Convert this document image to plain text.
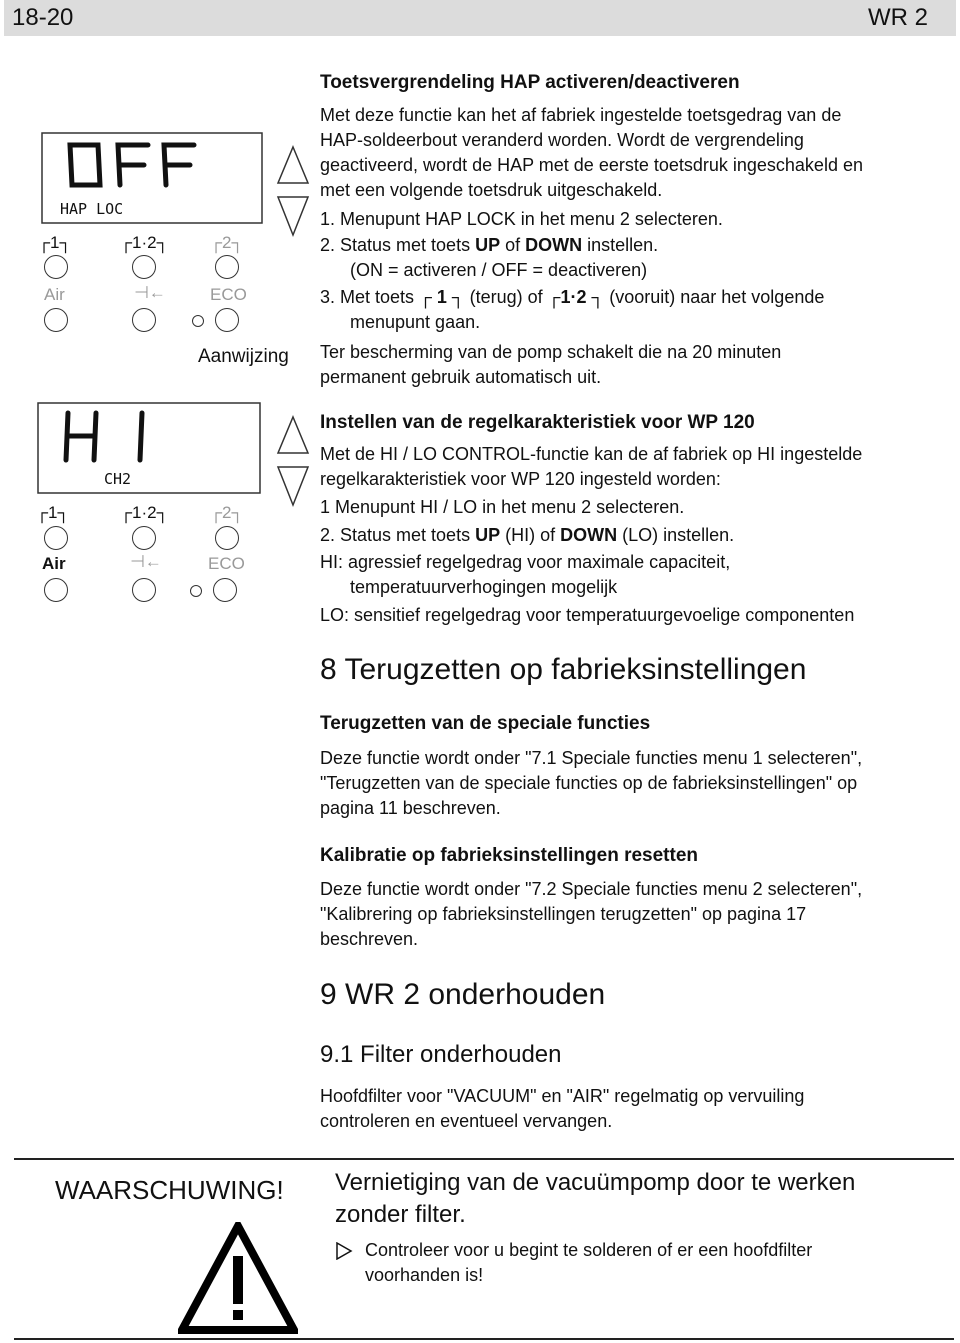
18-20	WR 2
HAP LOC
┌1┐	┌1·2┐ ┌2┐
Air	⊣←	ECO
Aanwijzing
Toetsvergrendeling HAP activeren/deactiveren
Met deze functie kan het af fabriek ingestelde toetsgedrag van de
HAP-soldeerbout veranderd worden. Wordt de vergrendeling
geactiveerd, wordt de HAP met de eerste toetsdruk ingeschakeld en
met een volgende toetsdruk uitgeschakeld.
1. Menupunt HAP LOCK in het menu 2 selecteren.
2. Status met toets UP of DOWN instellen.
(ON = activeren / OFF = deactiveren)
3. Met toets ┌ 1 ┐ (terug) of ┌1·2 ┐ (vooruit) naar het volgende
menupunt gaan.
Ter bescherming van de pomp schakelt die na 20 minuten
permanent gebruik automatisch uit.
CH2
┌1┐	┌1·2┐ ┌2┐
Air	⊣←	ECO
Instellen van de regelkarakteristiek voor WP 120
Met de HI / LO CONTROL-functie kan de af fabriek op HI ingestelde
regelkarakteristiek voor WP 120 ingesteld worden:
1 Menupunt HI / LO in het menu 2 selecteren.
2. Status met toets UP (HI) of DOWN (LO) instellen.
HI: agressief regelgedrag voor maximale capaciteit,
temperatuurverhogingen mogelijk
LO: sensitief regelgedrag voor temperatuurgevoelige componenten
8 Terugzetten op fabrieksinstellingen
Terugzetten van de speciale functies
Deze functie wordt onder "7.1 Speciale functies menu 1 selecteren",
"Terugzetten van de speciale functies op de fabrieksinstellingen" op
pagina 11 beschreven.
Kalibratie op fabrieksinstellingen resetten
Deze functie wordt onder "7.2 Speciale functies menu 2 selecteren",
"Kalibrering op fabrieksinstellingen terugzetten" op pagina 17
beschreven.
9 WR 2 onderhouden
9.1 Filter onderhouden
Hoofdfilter voor "VACUUM" en "AIR" regelmatig op vervuiling
controleren en eventueel vervangen.
WAARSCHUWING! Vernietiging van de vacuümpomp door te werken
zonder filter.
Controleer voor u begint te solderen of er een hoofdfilter
voorhanden is!
